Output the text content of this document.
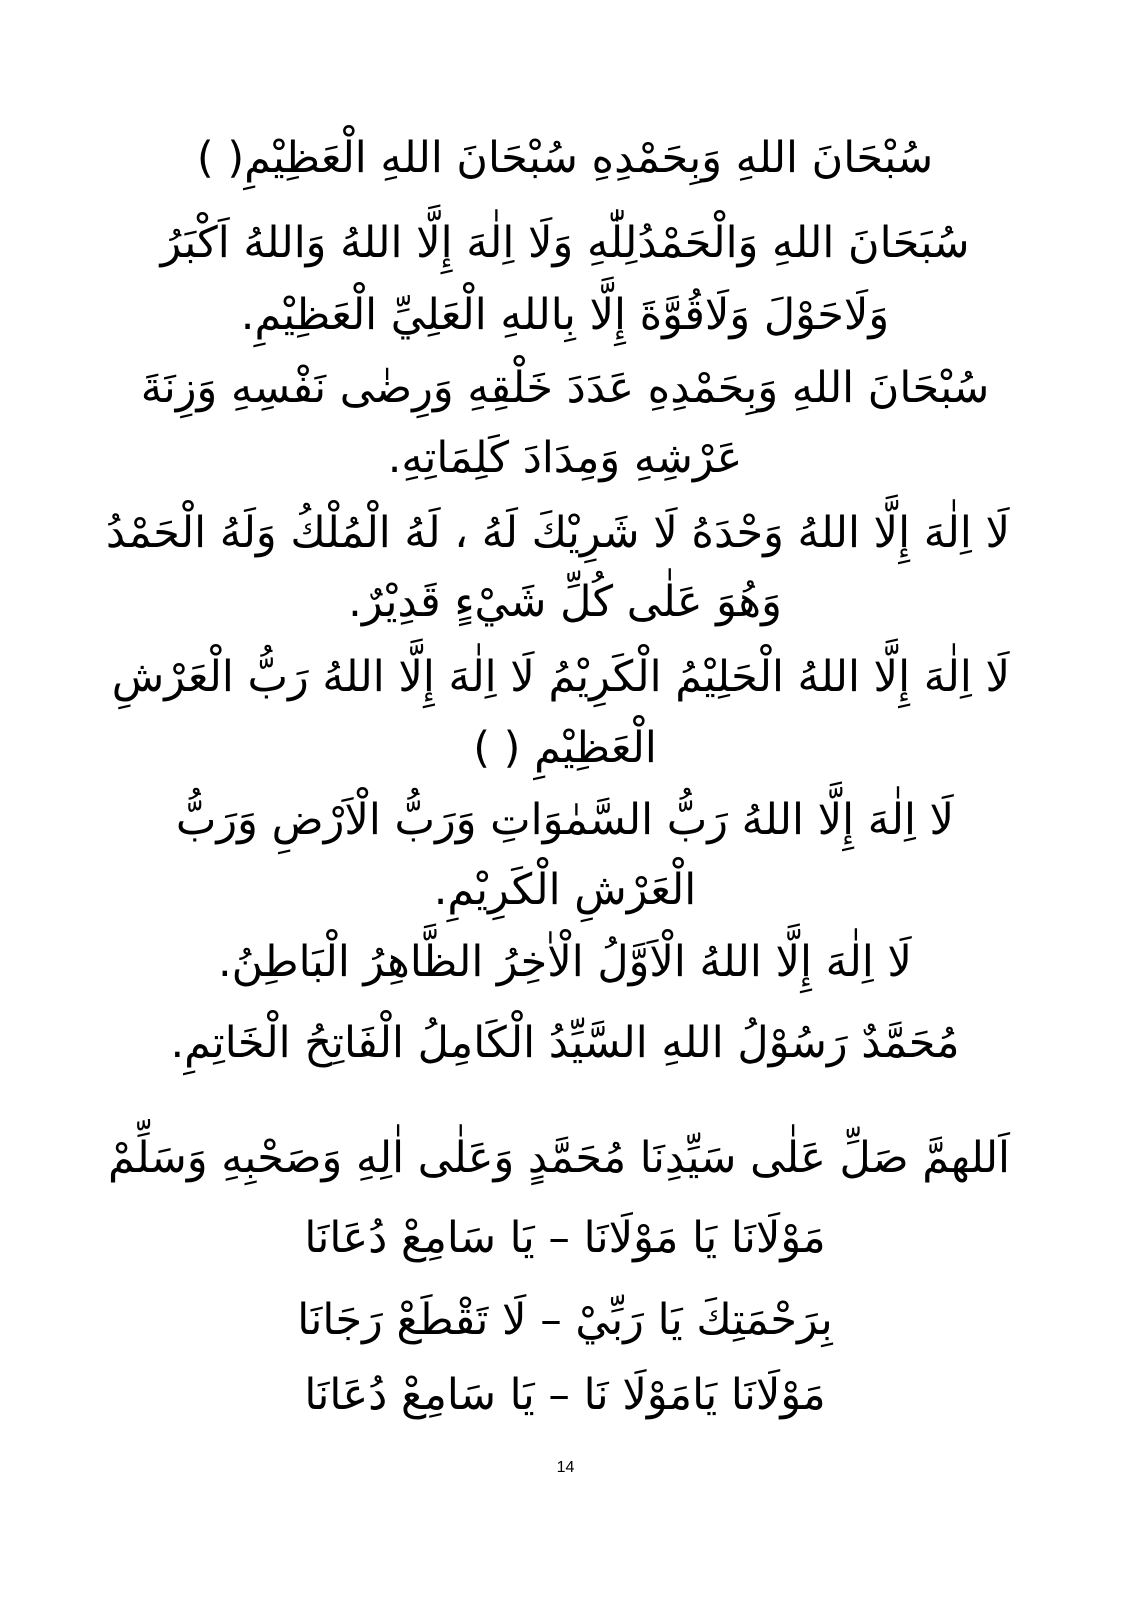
سُبْحَانَ اللهِ وَبِحَمْدِهِ سُبْحَانَ اللهِ الْعَظِيْمِ( )

سُبَحَانَ اللهِ وَالْحَمْدُلِلّٰهِ وَلَا اِلٰهَ إِلَّا اللهُ وَاللهُ اَكْبَرُ

وَلَاحَوْلَ وَلَاقُوَّةَ إِلَّا بِاللهِ الْعَلِيِّ الْعَظِيْمِ.

سُبْحَانَ اللهِ وَبِحَمْدِهِ عَدَدَ خَلْقِهِ وَرِضٰى نَفْسِهِ وَزِنَةَ

عَرْشِهِ وَمِدَادَ كَلِمَاتِهِ.

لَا اِلٰهَ إِلَّا اللهُ وَحْدَهُ لَا شَرِيْكَ لَهُ ، لَهُ الْمُلْكُ وَلَهُ الْحَمْدُ

وَهُوَ عَلٰى كُلِّ شَيْءٍ قَدِيْرٌ.

لَا اِلٰهَ إِلَّا اللهُ الْحَلِيْمُ الْكَرِيْمُ لَا اِلٰهَ إِلَّا اللهُ رَبُّ الْعَرْشِ

الْعَظِيْمِ ( )

لَا اِلٰهَ إِلَّا اللهُ رَبُّ السَّمٰوَاتِ وَرَبُّ الْاَرْضِ وَرَبُّ

الْعَرْشِ الْكَرِيْمِ.

لَا اِلٰهَ إِلَّا اللهُ الْاَوَّلُ الْاٰخِرُ الظَّاهِرُ الْبَاطِنُ.

مُحَمَّدٌ رَسُوْلُ اللهِ السَّيِّدُ الْكَامِلُ الْفَاتِحُ الْخَاتِمِ.

اَللهمَّ صَلِّ عَلٰى سَيِّدِنَا مُحَمَّدٍ وَعَلٰى اٰلِهِ وَصَحْبِهِ وَسَلِّمْ

مَوْلَانَا يَا مَوْلَانَا – يَا سَامِعْ دُعَانَا

بِرَحْمَتِكَ يَا رَبِّيْ – لَا تَقْطَعْ رَجَانَا

مَوْلَانَا يَامَوْلَا نَا – يَا سَامِعْ دُعَانَا

14
